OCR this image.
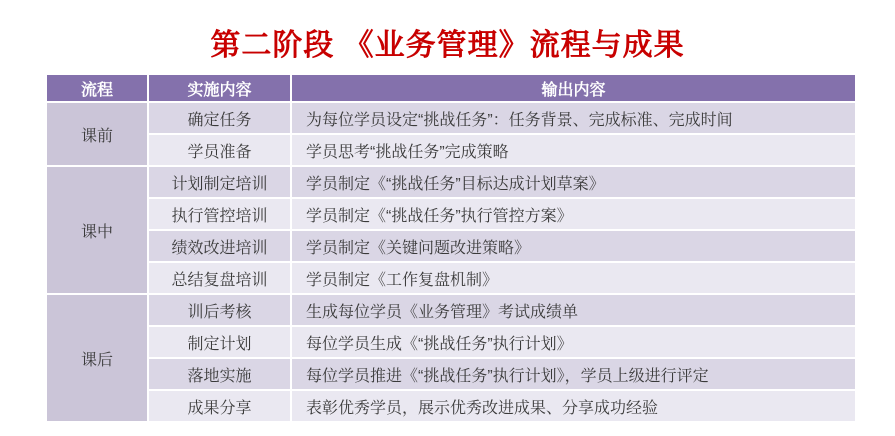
第二阶段 《业务管理》流程与成果
流程	实施内容	输出内容
课前
确定任务	为每位学员设定“挑战任务”：任务背景、完成标准、完成时间
学员准备	学员思考“挑战任务”完成策略
课中
计划制定培训	学员制定《“挑战任务”目标达成计划草案》
执行管控培训	学员制定《“挑战任务”执行管控方案》
绩效改进培训	学员制定《关键问题改进策略》
总结复盘培训	学员制定《工作复盘机制》
课后
训后考核	生成每位学员《业务管理》考试成绩单
制定计划	每位学员生成《“挑战任务”执行计划》
落地实施	每位学员推进《“挑战任务”执行计划》，学员上级进行评定
成果分享	表彰优秀学员，展示优秀改进成果、分享成功经验
